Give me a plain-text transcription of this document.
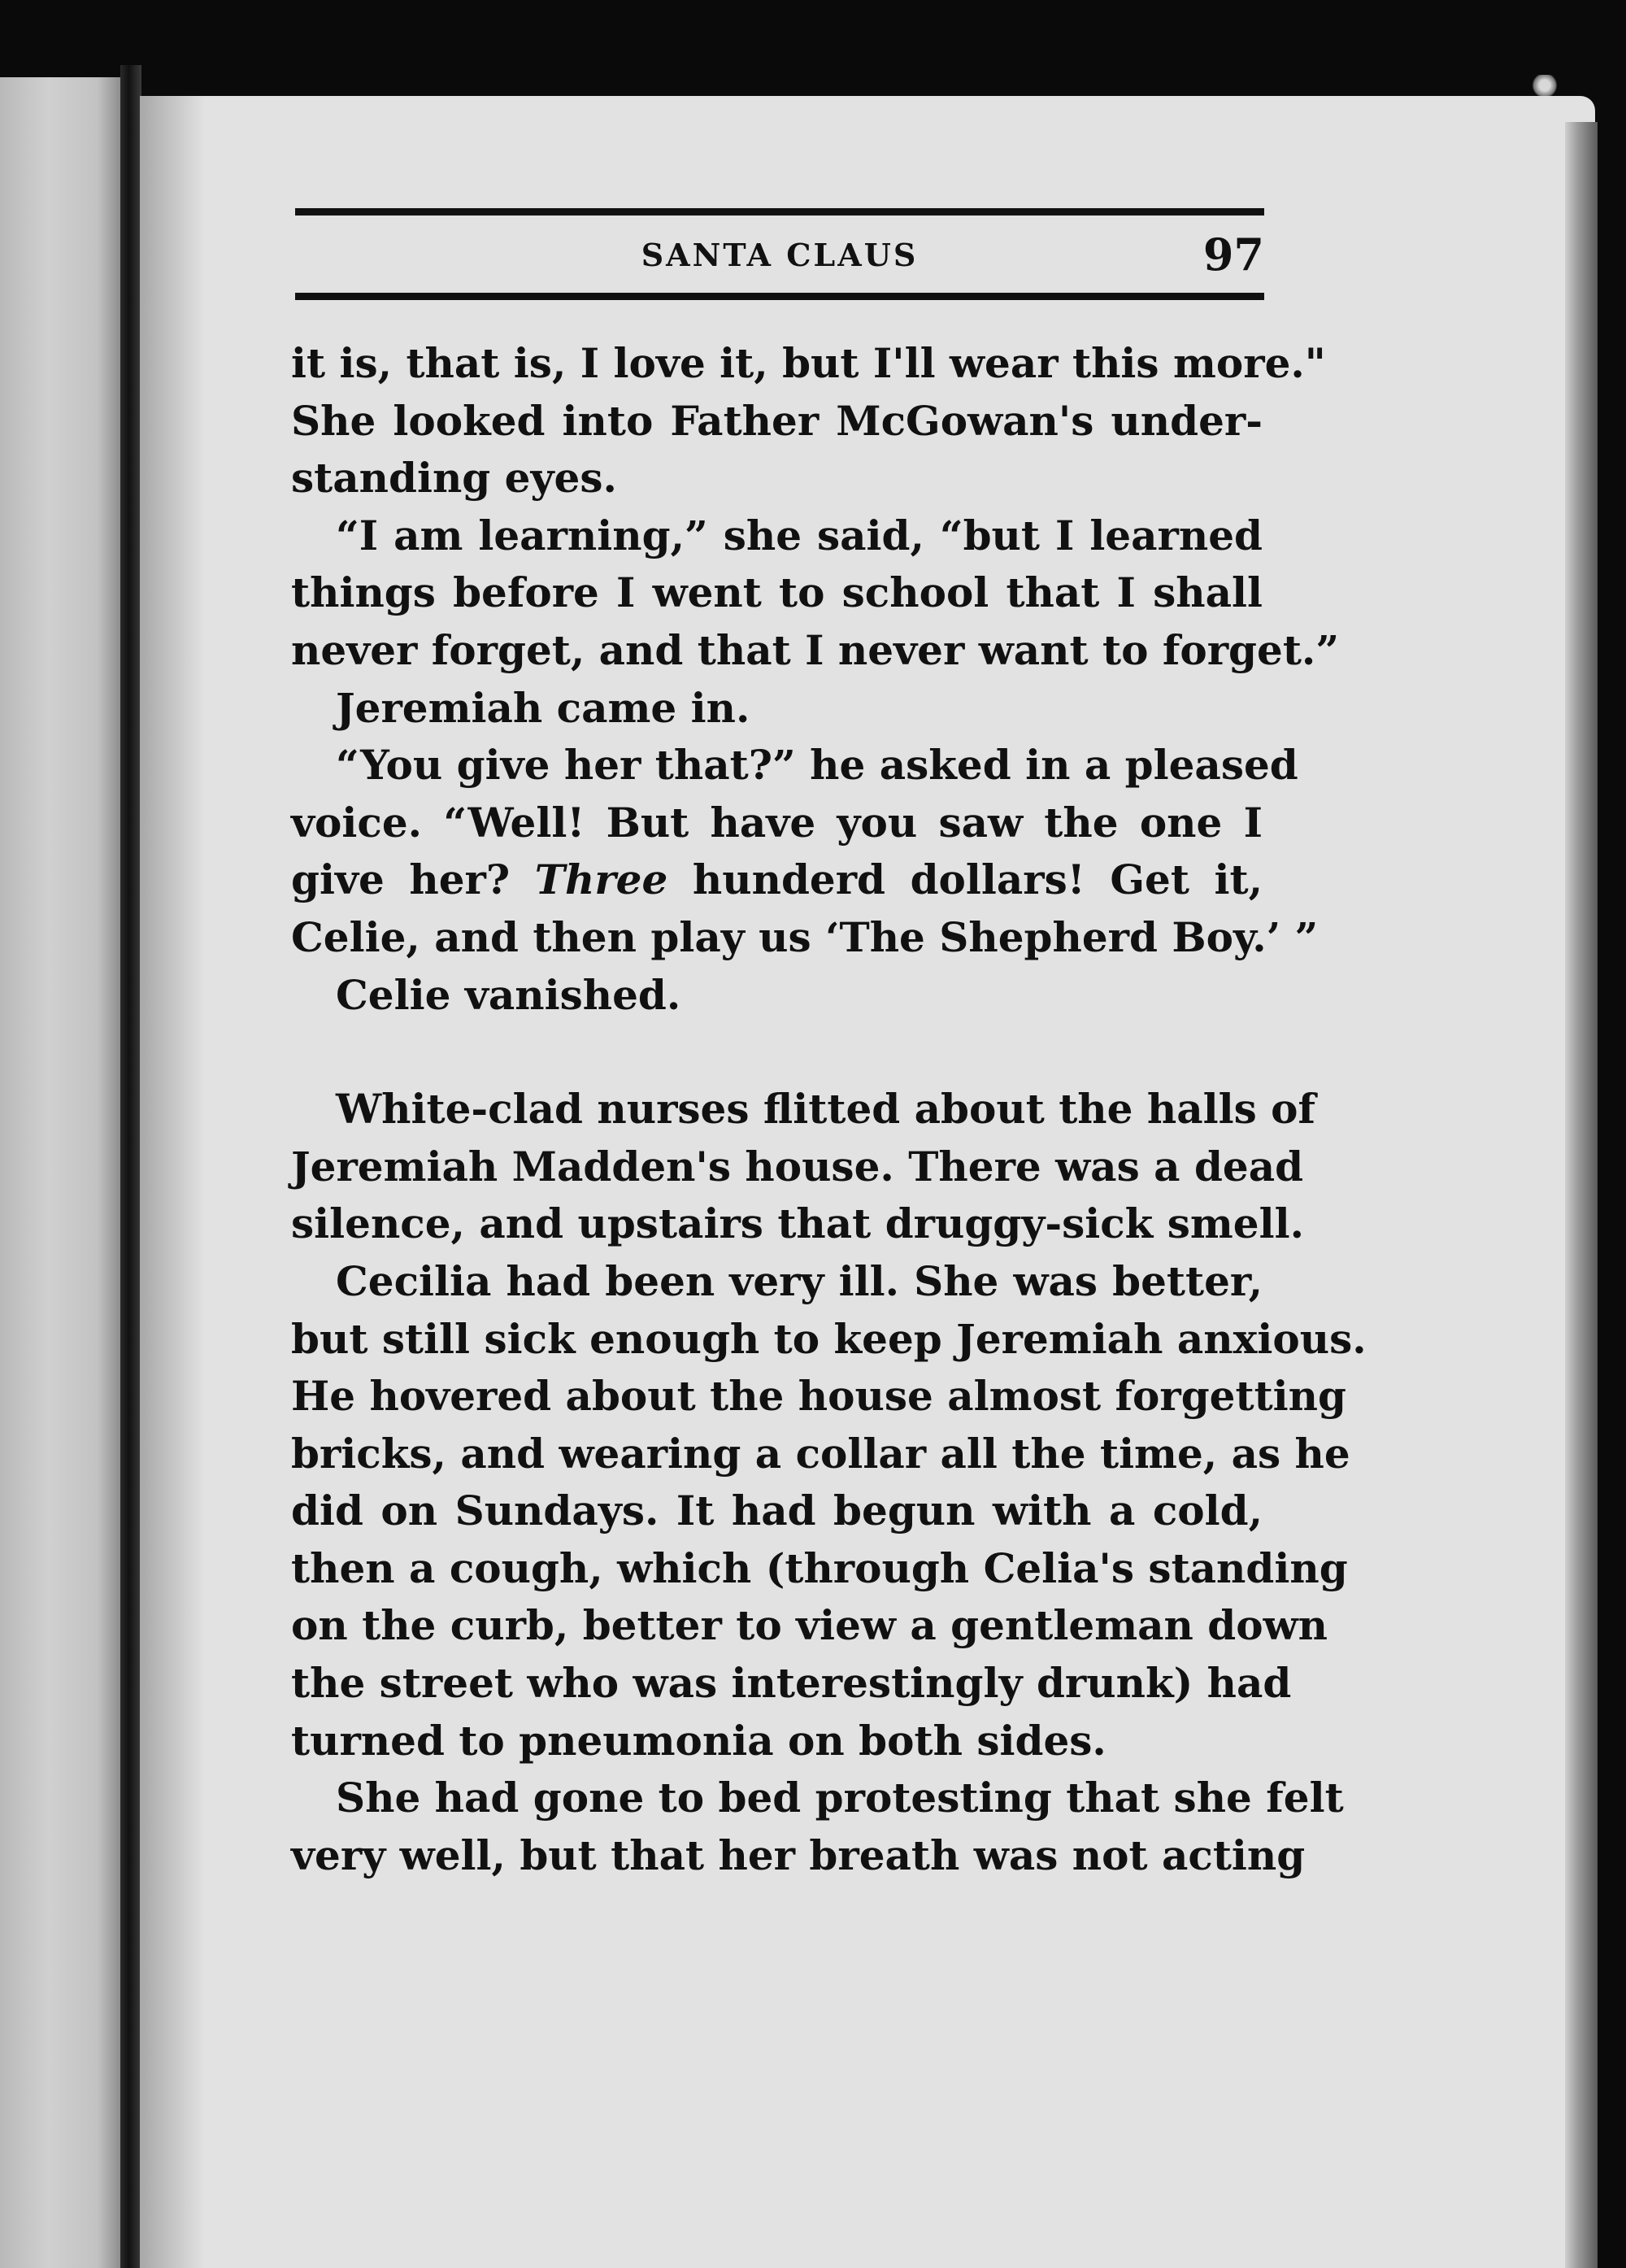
SANTA CLAUS	97
it is, that is, I love it, but I'll wear this more."
She looked into Father McGowan's under-
standing eyes.
“I am learning,” she said, “but I learned
things before I went to school that I shall
never forget, and that I never want to forget.”
Jeremiah came in.
“You give her that?” he asked in a pleased
voice. “Well! But have you saw the one I
give her? Three hunderd dollars! Get it,
Celie, and then play us ‘The Shepherd Boy.’ ”
Celie vanished.
White-clad nurses flitted about the halls of
Jeremiah Madden's house. There was a dead
silence, and upstairs that druggy-sick smell.
Cecilia had been very ill. She was better,
but still sick enough to keep Jeremiah anxious.
He hovered about the house almost forgetting
bricks, and wearing a collar all the time, as he
did on Sundays. It had begun with a cold,
then a cough, which (through Celia's standing
on the curb, better to view a gentleman down
the street who was interestingly drunk) had
turned to pneumonia on both sides.
She had gone to bed protesting that she felt
very well, but that her breath was not acting
